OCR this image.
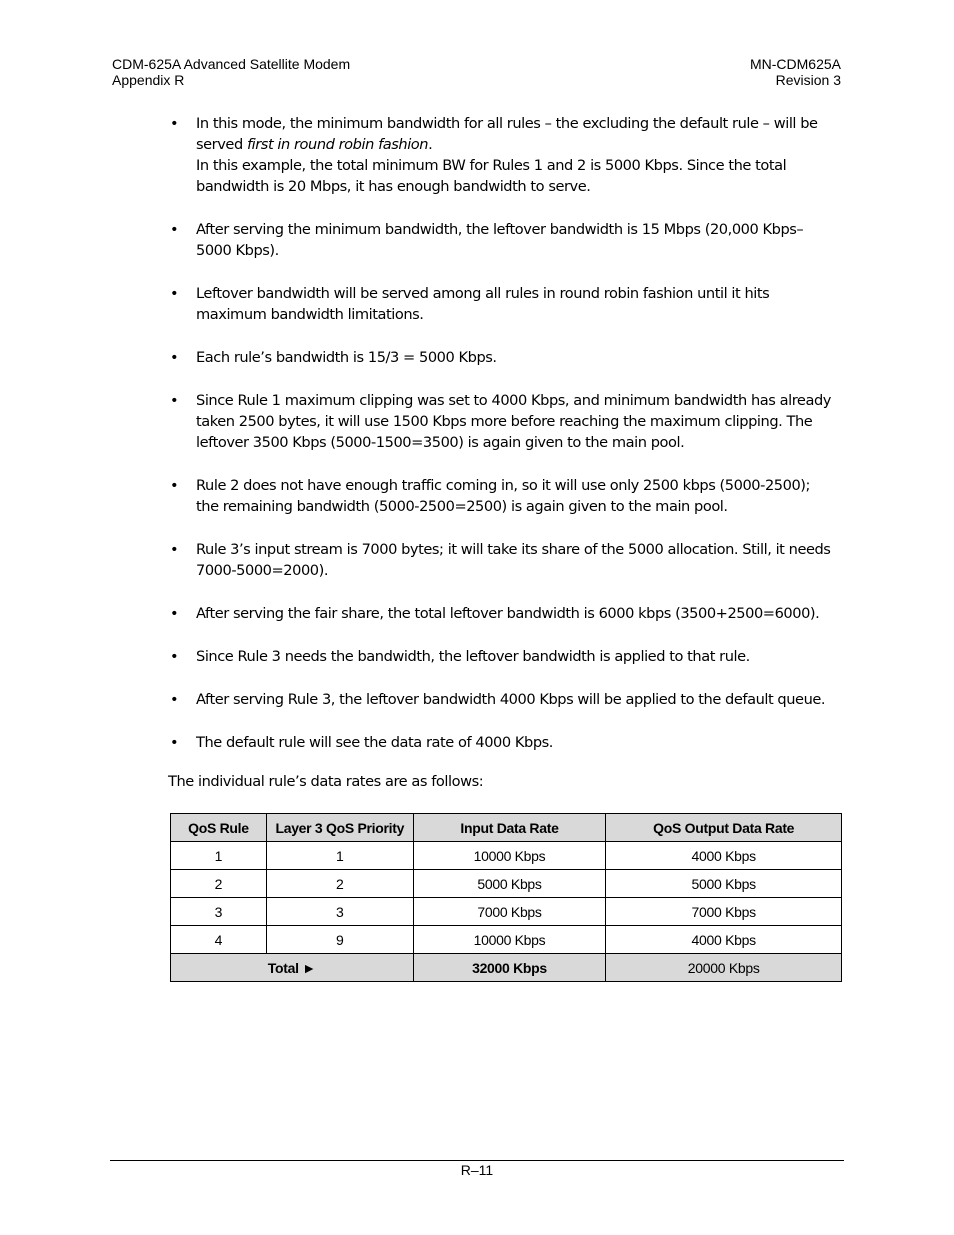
CDM-625A Advanced Satellite Modem
Appendix R
MN-CDM625A
Revision 3
• In this mode, the minimum bandwidth for all rules – the excluding the default rule – will be
served first in round robin fashion.
In this example, the total minimum BW for Rules 1 and 2 is 5000 Kbps. Since the total
bandwidth is 20 Mbps, it has enough bandwidth to serve.
• After serving the minimum bandwidth, the leftover bandwidth is 15 Mbps (20,000 Kbps–
5000 Kbps).
• Leftover bandwidth will be served among all rules in round robin fashion until it hits
maximum bandwidth limitations.
• Each rule’s bandwidth is 15/3 = 5000 Kbps.
• Since Rule 1 maximum clipping was set to 4000 Kbps, and minimum bandwidth has already
taken 2500 bytes, it will use 1500 Kbps more before reaching the maximum clipping. The
leftover 3500 Kbps (5000-1500=3500) is again given to the main pool.
• Rule 2 does not have enough traffic coming in, so it will use only 2500 kbps (5000-2500);
the remaining bandwidth (5000-2500=2500) is again given to the main pool.
• Rule 3’s input stream is 7000 bytes; it will take its share of the 5000 allocation. Still, it needs
7000-5000=2000).
• After serving the fair share, the total leftover bandwidth is 6000 kbps (3500+2500=6000).
• Since Rule 3 needs the bandwidth, the leftover bandwidth is applied to that rule.
• After serving Rule 3, the leftover bandwidth 4000 Kbps will be applied to the default queue.
• The default rule will see the data rate of 4000 Kbps.
The individual rule’s data rates are as follows:
QoS Rule	Layer 3 QoS Priority	Input Data Rate	QoS Output Data Rate
1	1	10000 Kbps	4000 Kbps
2	2	5000 Kbps	5000 Kbps
3	3	7000 Kbps	7000 Kbps
4	9	10000 Kbps	4000 Kbps
Total ►		32000 Kbps	20000 Kbps
R–11
